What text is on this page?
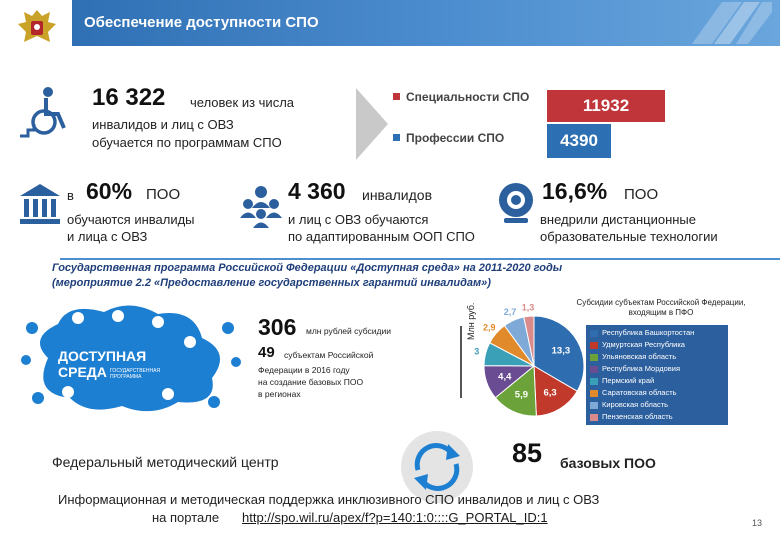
Обеспечение доступности СПО
16 322 человек из числа
инвалидов и лиц с ОВЗ
обучается по программам СПО
Специальности СПО	11932
Профессии СПО	4390
в 60% ПОО
обучаются инвалиды
и лица с ОВЗ
4 360 инвалидов
и лиц с ОВЗ обучаются
по адаптированным ООП СПО
16,6% ПОО
внедрили дистанционные
образовательные технологии
Государственная программа Российской Федерации «Доступная среда» на 2011-2020 годы
(мероприятие 2.2 «Предоставление государственных гарантий инвалидам»)
ДОСТУПНАЯ
СРЕДА ГОСУДАРСТВЕННАЯ ПРОГРАММА
306 млн рублей субсидии
49 субъектам Российской
Федерации в 2016 году
на создание базовых ПОО
в регионах
Млн руб.
13,3
6,3
5,9
4,4
3
2,9
2,7 1,3	Субсидии субъектам Российской Федерации, входящим в ПФО
Республика Башкортостан
Удмуртская Республика
Ульяновская область
Республика Мордовия
Пермский край
Саратовская область
Кировская область
Пензенская область
Федеральный методический центр	85 базовых ПОО
Информационная и методическая поддержка инклюзивного СПО инвалидов и лиц с ОВЗ
на портале http://spo.wil.ru/apex/f?p=140:1:0::::G_PORTAL_ID:1	13
